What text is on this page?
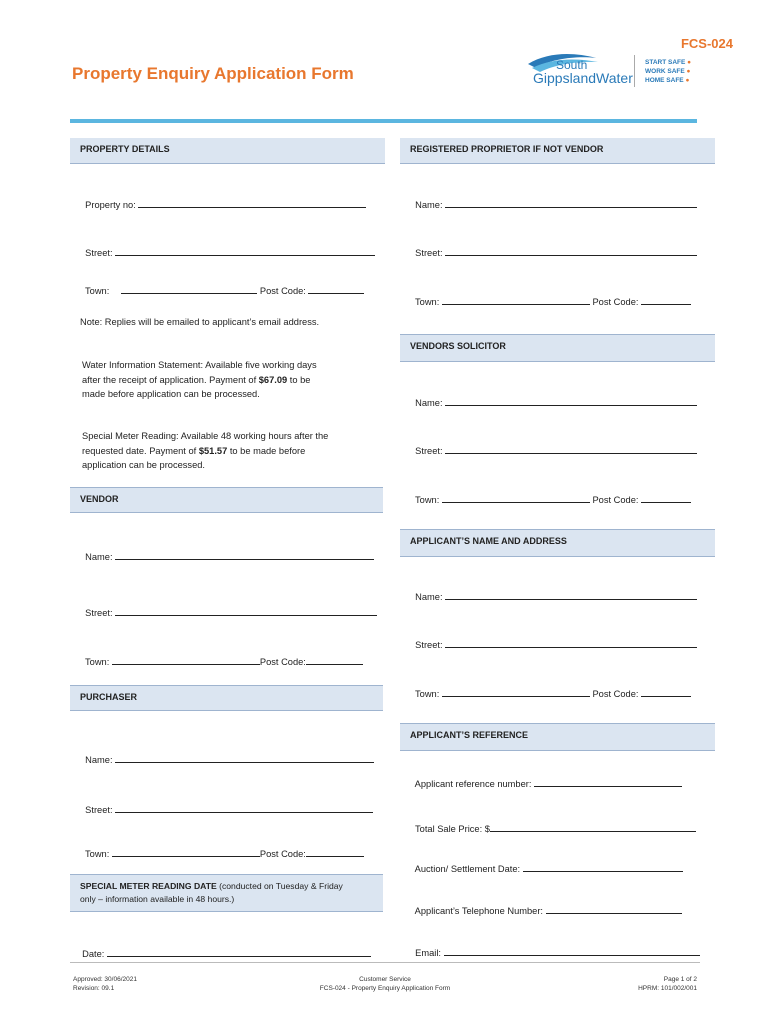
FCS-024
Property Enquiry Application Form	South
GippslandWater
START SAFE ●
WORK SAFE ●
HOME SAFE ●
PROPERTY DETAILS

Property no:

Street:

Town:	Post Code:

Note: Replies will be emailed to applicant’s email address.
Water Information Statement: Available five working days
after the receipt of application. Payment of $67.09 to be
made before application can be processed.
Special Meter Reading: Available 48 working hours after the
requested date. Payment of $51.57 to be made before
application can be processed.
VENDOR

Name:

Street:

Town:	Post Code:

PURCHASER

Name:

Street:

Town:	Post Code:

SPECIAL METER READING DATE (conducted on Tuesday & Friday
only – information available in 48 hours.)

Date:

REGISTERED PROPRIETOR IF NOT VENDOR

Name:

Street:

Town:	Post Code:

VENDORS SOLICITOR

Name:

Street:

Town:	Post Code:

APPLICANT’S NAME AND ADDRESS

Name:

Street:

Town:	Post Code:

APPLICANT’S REFERENCE

Applicant reference number:

Total Sale Price: $

Auction/ Settlement Date:

Applicant’s Telephone Number:

Email:

Approved: 30/06/2021
Revision: 09.1
Customer Service
FCS-024 - Property Enquiry Application Form
Page 1 of 2
HPRM: 101/002/001
